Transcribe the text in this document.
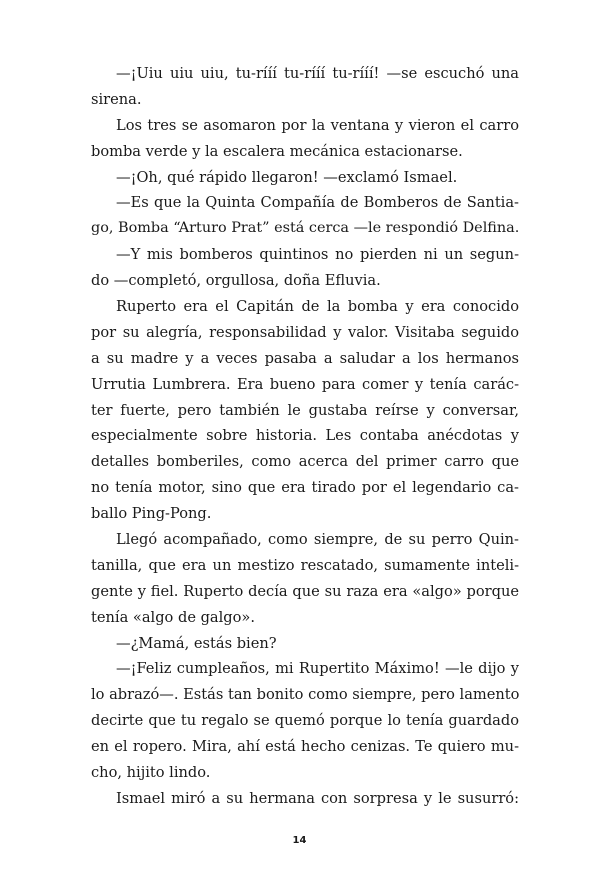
—¡Uiu uiu uiu, tu-rííí tu-rííí tu-rííí! —se escuchó una
sirena.
Los tres se asomaron por la ventana y vieron el carro
bomba verde y la escalera mecánica estacionarse.
—¡Oh, qué rápido llegaron! —exclamó Ismael.
—Es que la Quinta Compañía de Bomberos de Santia-
go, Bomba “Arturo Prat” está cerca —le respondió Delfina.
—Y mis bomberos quintinos no pierden ni un segun-
do —completó, orgullosa, doña Efluvia.
Ruperto era el Capitán de la bomba y era conocido
por su alegría, responsabilidad y valor. Visitaba seguido
a su madre y a veces pasaba a saludar a los hermanos
Urrutia Lumbrera. Era bueno para comer y tenía carác-
ter fuerte, pero también le gustaba reírse y conversar,
especialmente sobre historia. Les contaba anécdotas y
detalles bomberiles, como acerca del primer carro que
no tenía motor, sino que era tirado por el legendario ca-
ballo Ping-Pong.
Llegó acompañado, como siempre, de su perro Quin-
tanilla, que era un mestizo rescatado, sumamente inteli-
gente y fiel. Ruperto decía que su raza era «algo» porque
tenía «algo de galgo».
—¿Mamá, estás bien?
—¡Feliz cumpleaños, mi Rupertito Máximo! —le dijo y
lo abrazó—. Estás tan bonito como siempre, pero lamento
decirte que tu regalo se quemó porque lo tenía guardado
en el ropero. Mira, ahí está hecho cenizas. Te quiero mu-
cho, hijito lindo.
Ismael miró a su hermana con sorpresa y le susurró:
14
